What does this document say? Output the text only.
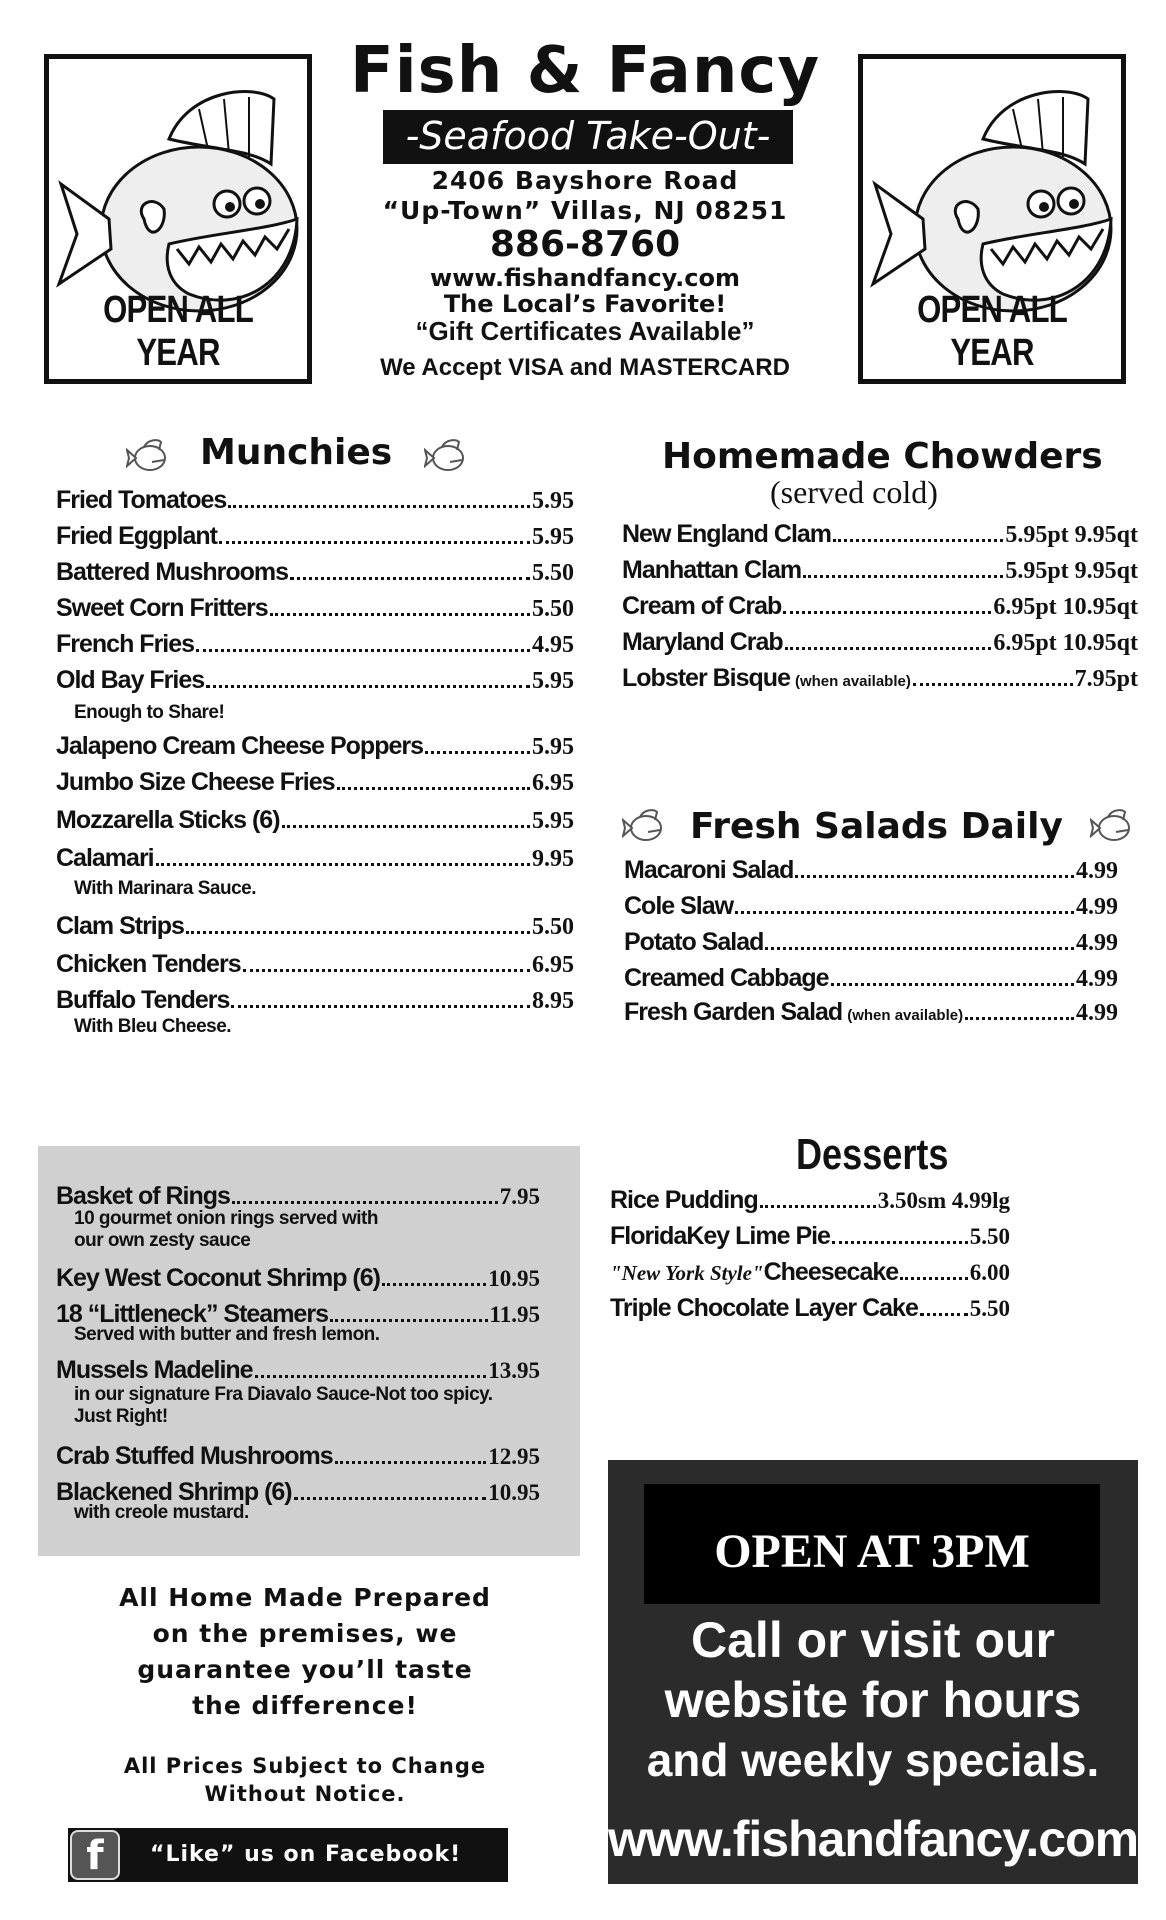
OPEN ALL YEAR
OPEN ALL YEAR
Fish & Fancy
-Seafood Take-Out-
2406 Bayshore Road
“Up-Town” Villas, NJ 08251
886-8760
www.fishandfancy.com
The Local’s Favorite!
“Gift Certificates Available”
We Accept VISA and MASTERCARD
Munchies
Fried Tomatoes	5.95
Fried Eggplant	5.95
Battered Mushrooms	5.50
Sweet Corn Fritters	5.50
French Fries	4.95
Old Bay Fries	5.95
Jalapeno Cream Cheese Poppers	5.95
Jumbo Size Cheese Fries	6.95
Mozzarella Sticks (6)	5.95
Calamari	9.95
Clam Strips	5.50
Chicken Tenders	6.95
Buffalo Tenders	8.95
Enough to Share!
With Marinara Sauce.
With Bleu Cheese.
Homemade Chowders
(served cold)
New England Clam	5.95pt 9.95qt
Manhattan Clam	5.95pt 9.95qt
Cream of Crab	6.95pt 10.95qt
Maryland Crab	6.95pt 10.95qt
Lobster Bisque (when available)	7.95pt
Fresh Salads Daily
Macaroni Salad	4.99
Cole Slaw	4.99
Potato Salad	4.99
Creamed Cabbage	4.99
Fresh Garden Salad (when available)	4.99
Basket of Rings	7.95
Key West Coconut Shrimp (6)	10.95
18 “Littleneck” Steamers	11.95
Mussels Madeline	13.95
Crab Stuffed Mushrooms	12.95
Blackened Shrimp (6)	10.95
10 gourmet onion rings served with
our own zesty sauce
Served with butter and fresh lemon.
in our signature Fra Diavalo Sauce-Not too spicy.
Just Right!
with creole mustard.
Desserts
Rice Pudding	3.50sm 4.99lg
FloridaKey Lime Pie	5.50
"New York Style" Cheesecake	6.00
Triple Chocolate Layer Cake 5.50
All Home Made Prepared
on the premises, we
guarantee you’ll taste
the difference!
All Prices Subject to Change
Without Notice.
f	“Like” us on Facebook!
OPEN AT 3PM
Call or visit our
website for hours
and weekly specials.
www.fishandfancy.com
